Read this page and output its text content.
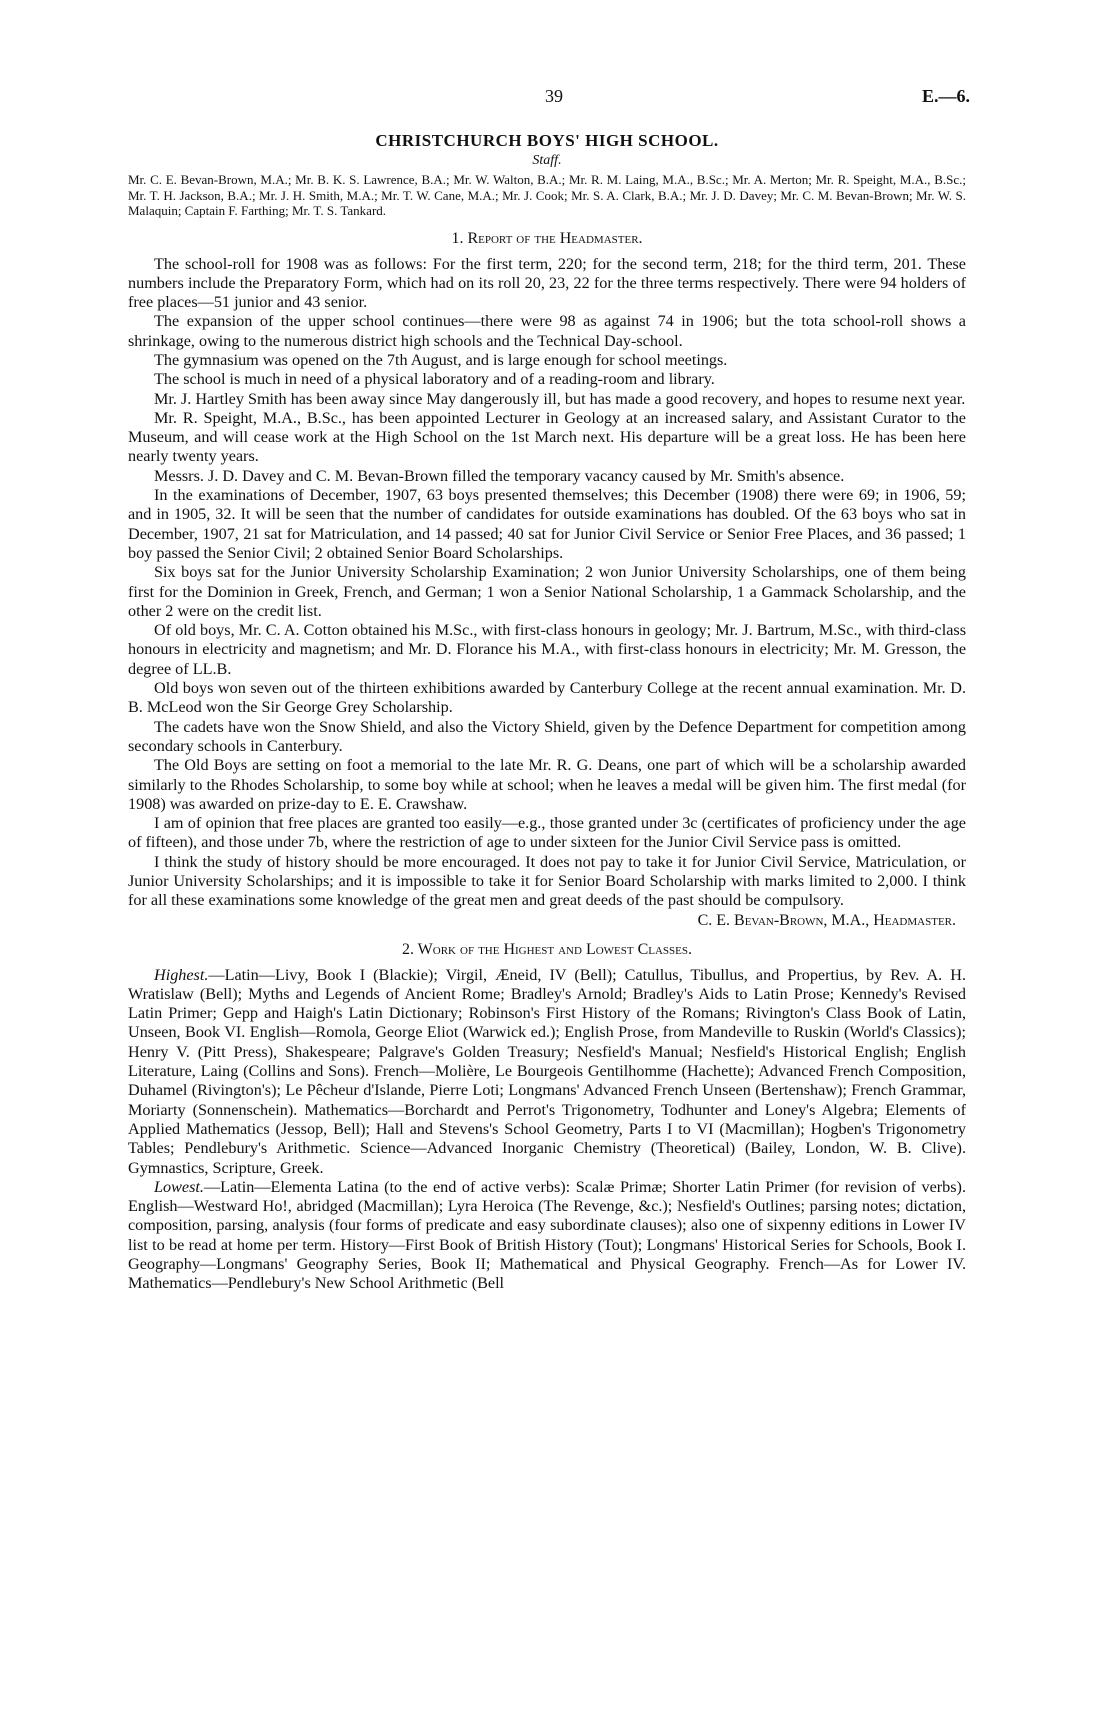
39	E.—6.
CHRISTCHURCH BOYS' HIGH SCHOOL.

Staff.

Mr. C. E. Bevan-Brown, M.A.; Mr. B. K. S. Lawrence, B.A.; Mr. W. Walton, B.A.; Mr. R. M. Laing, M.A., B.Sc.; Mr. A. Merton; Mr. R. Speight, M.A., B.Sc.; Mr. T. H. Jackson, B.A.; Mr. J. H. Smith, M.A.; Mr. T. W. Cane, M.A.; Mr. J. Cook; Mr. S. A. Clark, B.A.; Mr. J. D. Davey; Mr. C. M. Bevan-Brown; Mr. W. S. Malaquin; Captain F. Farthing; Mr. T. S. Tankard.

1. Report of the Headmaster.

The school-roll for 1908 was as follows: For the first term, 220; for the second term, 218; for the third term, 201. These numbers include the Preparatory Form, which had on its roll 20, 23, 22 for the three terms respectively. There were 94 holders of free places—51 junior and 43 senior.

The expansion of the upper school continues—there were 98 as against 74 in 1906; but the tota school-roll shows a shrinkage, owing to the numerous district high schools and the Technical Day-school.

The gymnasium was opened on the 7th August, and is large enough for school meetings.

The school is much in need of a physical laboratory and of a reading-room and library.

Mr. J. Hartley Smith has been away since May dangerously ill, but has made a good recovery, and hopes to resume next year.

Mr. R. Speight, M.A., B.Sc., has been appointed Lecturer in Geology at an increased salary, and Assistant Curator to the Museum, and will cease work at the High School on the 1st March next. His departure will be a great loss. He has been here nearly twenty years.

Messrs. J. D. Davey and C. M. Bevan-Brown filled the temporary vacancy caused by Mr. Smith's absence.

In the examinations of December, 1907, 63 boys presented themselves; this December (1908) there were 69; in 1906, 59; and in 1905, 32. It will be seen that the number of candidates for outside examinations has doubled. Of the 63 boys who sat in December, 1907, 21 sat for Matriculation, and 14 passed; 40 sat for Junior Civil Service or Senior Free Places, and 36 passed; 1 boy passed the Senior Civil; 2 obtained Senior Board Scholarships.

Six boys sat for the Junior University Scholarship Examination; 2 won Junior University Scholarships, one of them being first for the Dominion in Greek, French, and German; 1 won a Senior National Scholarship, 1 a Gammack Scholarship, and the other 2 were on the credit list.

Of old boys, Mr. C. A. Cotton obtained his M.Sc., with first-class honours in geology; Mr. J. Bartrum, M.Sc., with third-class honours in electricity and magnetism; and Mr. D. Florance his M.A., with first-class honours in electricity; Mr. M. Gresson, the degree of LL.B.

Old boys won seven out of the thirteen exhibitions awarded by Canterbury College at the recent annual examination. Mr. D. B. McLeod won the Sir George Grey Scholarship.

The cadets have won the Snow Shield, and also the Victory Shield, given by the Defence Department for competition among secondary schools in Canterbury.

The Old Boys are setting on foot a memorial to the late Mr. R. G. Deans, one part of which will be a scholarship awarded similarly to the Rhodes Scholarship, to some boy while at school; when he leaves a medal will be given him. The first medal (for 1908) was awarded on prize-day to E. E. Crawshaw.

I am of opinion that free places are granted too easily—e.g., those granted under 3c (certificates of proficiency under the age of fifteen), and those under 7b, where the restriction of age to under sixteen for the Junior Civil Service pass is omitted.

I think the study of history should be more encouraged. It does not pay to take it for Junior Civil Service, Matriculation, or Junior University Scholarships; and it is impossible to take it for Senior Board Scholarship with marks limited to 2,000. I think for all these examinations some knowledge of the great men and great deeds of the past should be compulsory.

C. E. Bevan-Brown, M.A., Headmaster.

2. Work of the Highest and Lowest Classes.

Highest.—Latin—Livy, Book I (Blackie); Virgil, Æneid, IV (Bell); Catullus, Tibullus, and Propertius, by Rev. A. H. Wratislaw (Bell); Myths and Legends of Ancient Rome; Bradley's Arnold; Bradley's Aids to Latin Prose; Kennedy's Revised Latin Primer; Gepp and Haigh's Latin Dictionary; Robinson's First History of the Romans; Rivington's Class Book of Latin, Unseen, Book VI. English—Romola, George Eliot (Warwick ed.); English Prose, from Mandeville to Ruskin (World's Classics); Henry V. (Pitt Press), Shakespeare; Palgrave's Golden Treasury; Nesfield's Manual; Nesfield's Historical English; English Literature, Laing (Collins and Sons). French—Molière, Le Bourgeois Gentilhomme (Hachette); Advanced French Composition, Duhamel (Rivington's); Le Pêcheur d'Islande, Pierre Loti; Longmans' Advanced French Unseen (Bertenshaw); French Grammar, Moriarty (Sonnenschein). Mathematics—Borchardt and Perrot's Trigonometry, Todhunter and Loney's Algebra; Elements of Applied Mathematics (Jessop, Bell); Hall and Stevens's School Geometry, Parts I to VI (Macmillan); Hogben's Trigonometry Tables; Pendlebury's Arithmetic. Science—Advanced Inorganic Chemistry (Theoretical) (Bailey, London, W. B. Clive). Gymnastics, Scripture, Greek.

Lowest.—Latin—Elementa Latina (to the end of active verbs): Scalæ Primæ; Shorter Latin Primer (for revision of verbs). English—Westward Ho!, abridged (Macmillan); Lyra Heroica (The Revenge, &c.); Nesfield's Outlines; parsing notes; dictation, composition, parsing, analysis (four forms of predicate and easy subordinate clauses); also one of sixpenny editions in Lower IV list to be read at home per term. History—First Book of British History (Tout); Longmans' Historical Series for Schools, Book I. Geography—Longmans' Geography Series, Book II; Mathematical and Physical Geography. French—As for Lower IV. Mathematics—Pendlebury's New School Arithmetic (Bell
